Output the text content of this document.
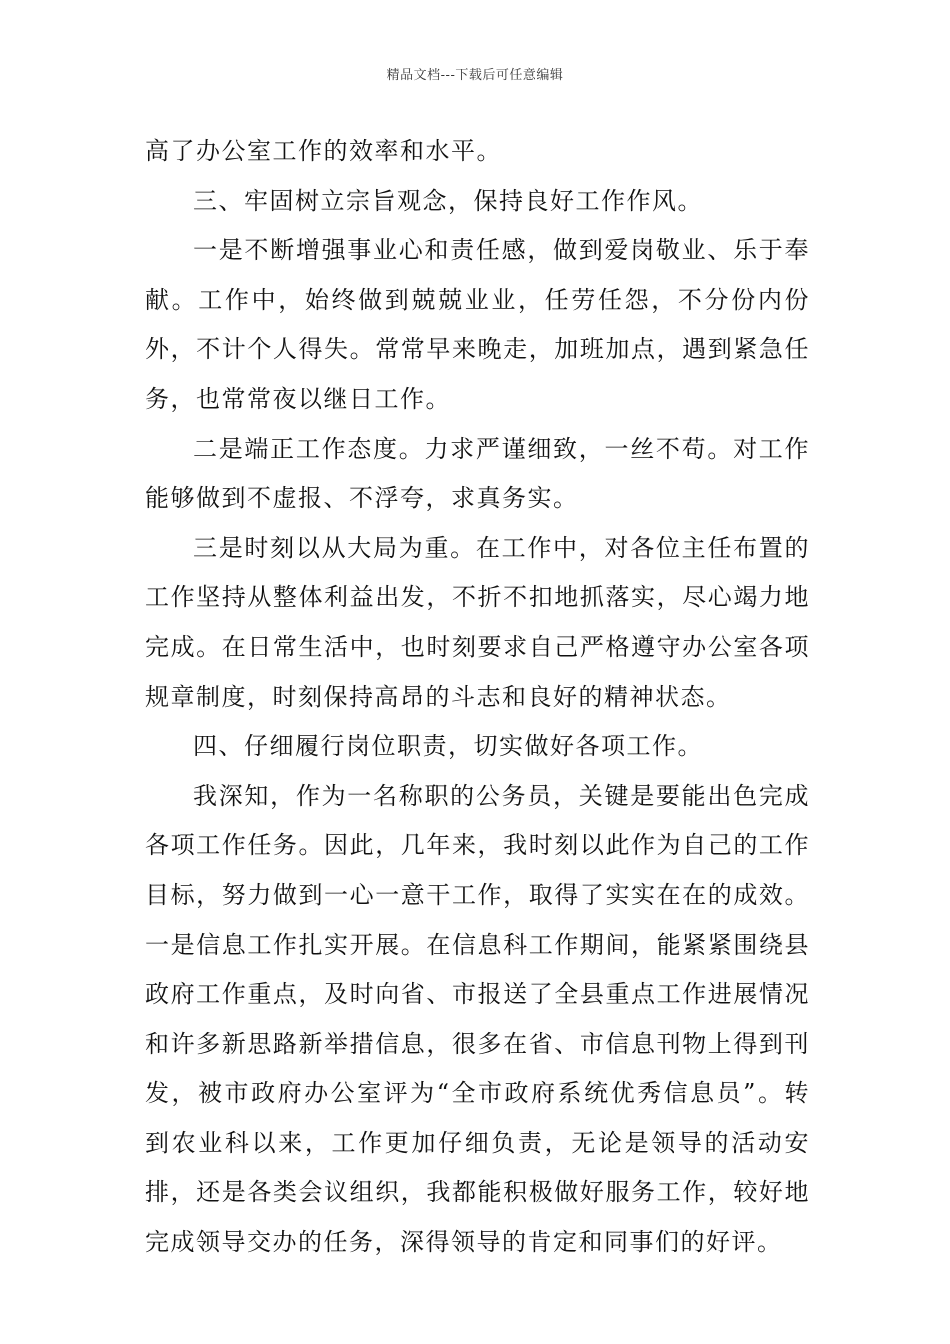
精品文档---下载后可任意编辑

高了办公室工作的效率和水平。

三、牢固树立宗旨观念，保持良好工作作风。

一是不断增强事业心和责任感，做到爱岗敬业、乐于奉献。工作中，始终做到兢兢业业，任劳任怨，不分份内份外，不计个人得失。常常早来晚走，加班加点，遇到紧急任务，也常常夜以继日工作。

二是端正工作态度。力求严谨细致，一丝不苟。对工作能够做到不虚报、不浮夸，求真务实。

三是时刻以从大局为重。在工作中，对各位主任布置的工作坚持从整体利益出发，不折不扣地抓落实，尽心竭力地完成。在日常生活中，也时刻要求自己严格遵守办公室各项规章制度，时刻保持高昂的斗志和良好的精神状态。

四、仔细履行岗位职责，切实做好各项工作。

我深知，作为一名称职的公务员，关键是要能出色完成各项工作任务。因此，几年来，我时刻以此作为自己的工作目标，努力做到一心一意干工作，取得了实实在在的成效。一是信息工作扎实开展。在信息科工作期间，能紧紧围绕县政府工作重点，及时向省、市报送了全县重点工作进展情况和许多新思路新举措信息，很多在省、市信息刊物上得到刊发，被市政府办公室评为“全市政府系统优秀信息员”。转到农业科以来，工作更加仔细负责，无论是领导的活动安排，还是各类会议组织，我都能积极做好服务工作，较好地完成领导交办的任务，深得领导的肯定和同事们的好评。
